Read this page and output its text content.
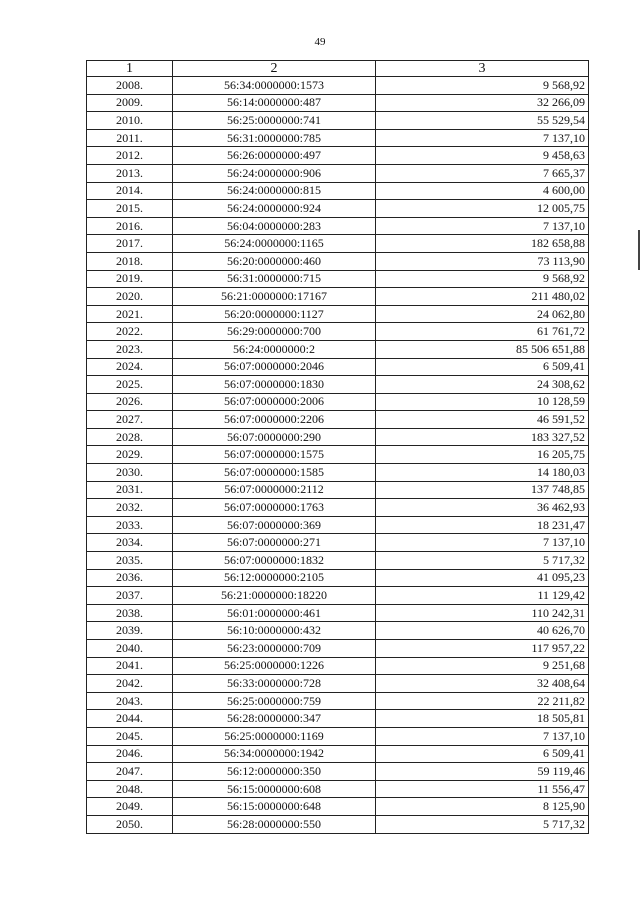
49
1	2	3
2008.	56:34:0000000:1573	9 568,92
2009.	56:14:0000000:487	32 266,09
2010.	56:25:0000000:741	55 529,54
2011.	56:31:0000000:785	7 137,10
2012.	56:26:0000000:497	9 458,63
2013.	56:24:0000000:906	7 665,37
2014.	56:24:0000000:815	4 600,00
2015.	56:24:0000000:924	12 005,75
2016.	56:04:0000000:283	7 137,10
2017.	56:24:0000000:1165	182 658,88
2018.	56:20:0000000:460	73 113,90
2019.	56:31:0000000:715	9 568,92
2020.	56:21:0000000:17167	211 480,02
2021.	56:20:0000000:1127	24 062,80
2022.	56:29:0000000:700	61 761,72
2023.	56:24:0000000:2	85 506 651,88
2024.	56:07:0000000:2046	6 509,41
2025.	56:07:0000000:1830	24 308,62
2026.	56:07:0000000:2006	10 128,59
2027.	56:07:0000000:2206	46 591,52
2028.	56:07:0000000:290	183 327,52
2029.	56:07:0000000:1575	16 205,75
2030.	56:07:0000000:1585	14 180,03
2031.	56:07:0000000:2112	137 748,85
2032.	56:07:0000000:1763	36 462,93
2033.	56:07:0000000:369	18 231,47
2034.	56:07:0000000:271	7 137,10
2035.	56:07:0000000:1832	5 717,32
2036.	56:12:0000000:2105	41 095,23
2037.	56:21:0000000:18220	11 129,42
2038.	56:01:0000000:461	110 242,31
2039.	56:10:0000000:432	40 626,70
2040.	56:23:0000000:709	117 957,22
2041.	56:25:0000000:1226	9 251,68
2042.	56:33:0000000:728	32 408,64
2043.	56:25:0000000:759	22 211,82
2044.	56:28:0000000:347	18 505,81
2045.	56:25:0000000:1169	7 137,10
2046.	56:34:0000000:1942	6 509,41
2047.	56:12:0000000:350	59 119,46
2048.	56:15:0000000:608	11 556,47
2049.	56:15:0000000:648	8 125,90
2050.	56:28:0000000:550	5 717,32
